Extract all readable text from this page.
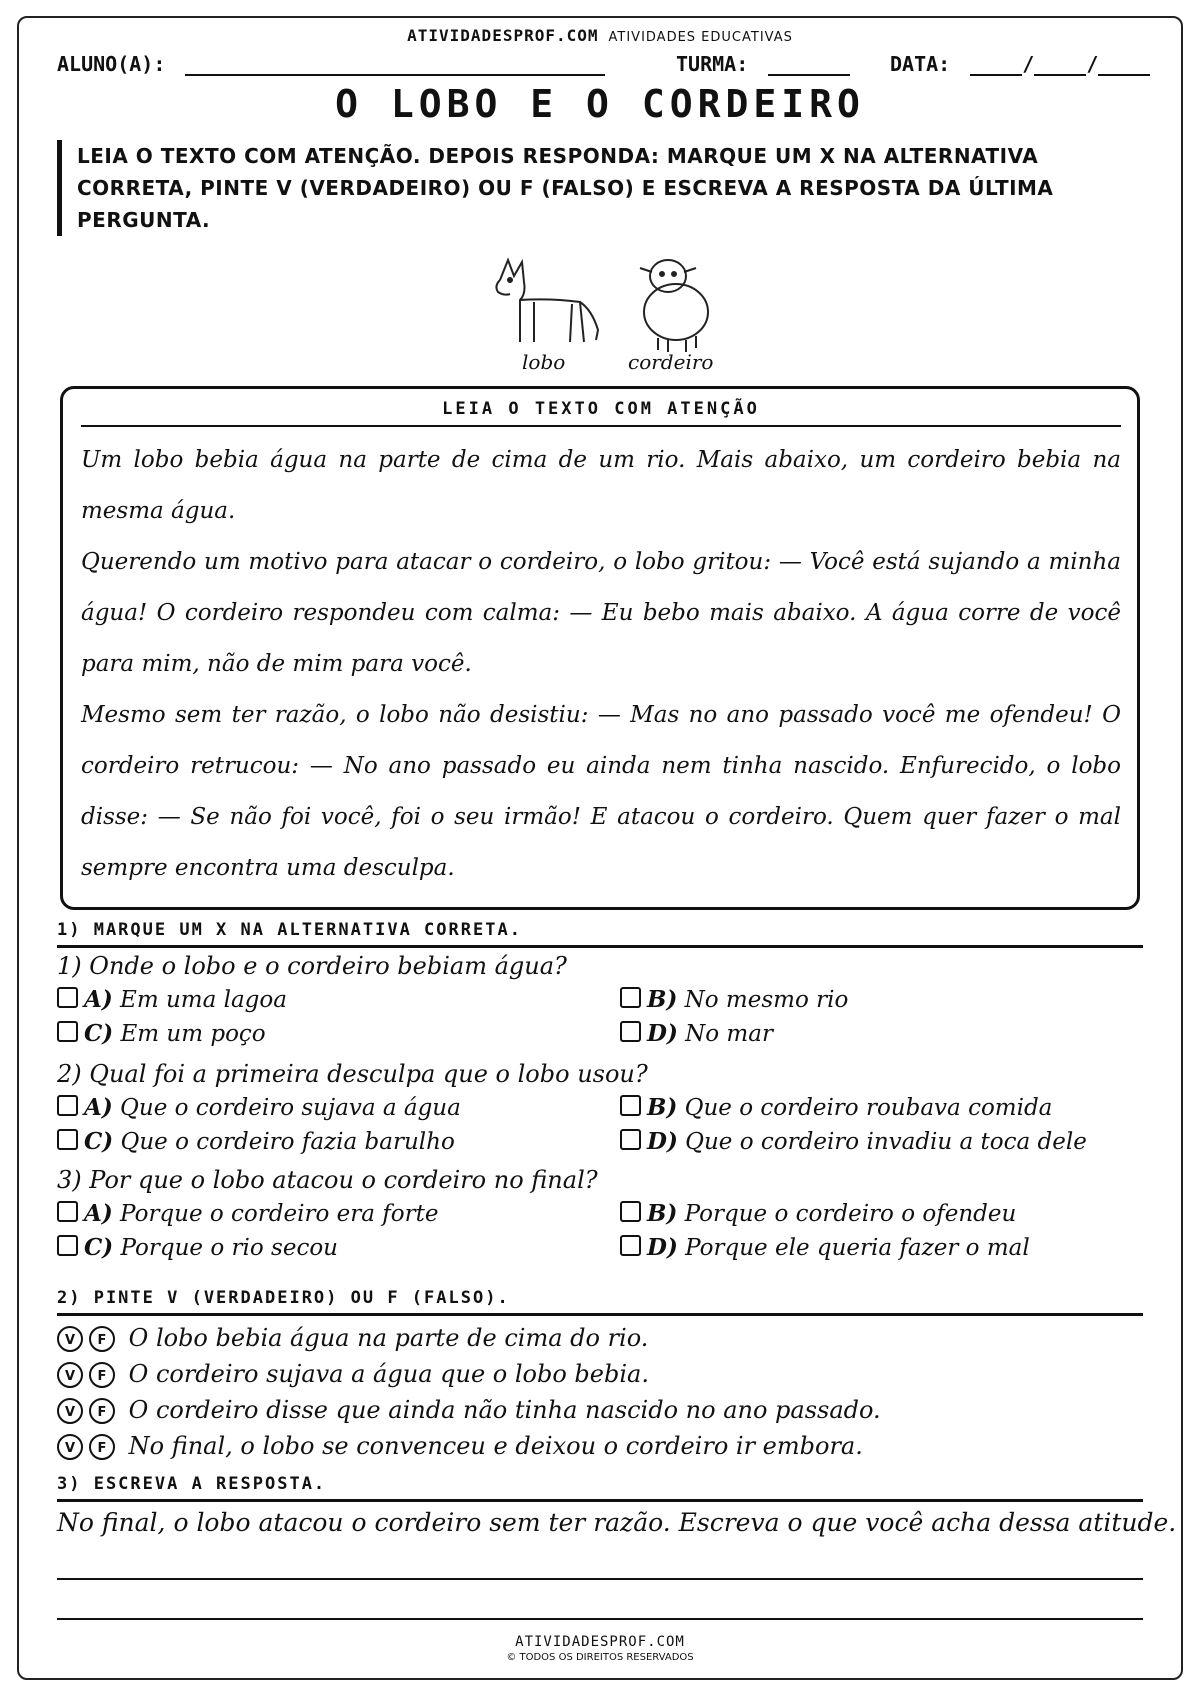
ATIVIDADESPROF.COM ATIVIDADES EDUCATIVAS
ALUNO(A):	TURMA:	DATA:	/	/
O LOBO E O CORDEIRO
LEIA O TEXTO COM ATENÇÃO. DEPOIS RESPONDA: MARQUE UM X NA ALTERNATIVA CORRETA, PINTE V (VERDADEIRO) OU F (FALSO) E ESCREVA A RESPOSTA DA ÚLTIMA PERGUNTA.
lobo	cordeiro
LEIA O TEXTO COM ATENÇÃO

Um lobo bebia água na parte de cima de um rio. Mais abaixo, um cordeiro bebia na mesma água.

Querendo um motivo para atacar o cordeiro, o lobo gritou: — Você está sujando a minha água! O cordeiro respondeu com calma: — Eu bebo mais abaixo. A água corre de você para mim, não de mim para você.

Mesmo sem ter razão, o lobo não desistiu: — Mas no ano passado você me ofendeu! O cordeiro retrucou: — No ano passado eu ainda nem tinha nascido. Enfurecido, o lobo disse: — Se não foi você, foi o seu irmão! E atacou o cordeiro. Quem quer fazer o mal sempre encontra uma desculpa.

1) MARQUE UM X NA ALTERNATIVA CORRETA.
1) Onde o lobo e o cordeiro bebiam água?
A) Em uma lagoa	B) No mesmo rio
C) Em um poço	D) No mar
2) Qual foi a primeira desculpa que o lobo usou?
A) Que o cordeiro sujava a água	B) Que o cordeiro roubava comida
C) Que o cordeiro fazia barulho	D) Que o cordeiro invadiu a toca dele
3) Por que o lobo atacou o cordeiro no final?
A) Porque o cordeiro era forte	B) Porque o cordeiro o ofendeu
C) Porque o rio secou	D) Porque ele queria fazer o mal
2) PINTE V (VERDADEIRO) OU F (FALSO).
V F O lobo bebia água na parte de cima do rio.
V F O cordeiro sujava a água que o lobo bebia.
V F O cordeiro disse que ainda não tinha nascido no ano passado.
V F No final, o lobo se convenceu e deixou o cordeiro ir embora.
3) ESCREVA A RESPOSTA.
No final, o lobo atacou o cordeiro sem ter razão. Escreva o que você acha dessa atitude.
ATIVIDADESPROF.COM
© TODOS OS DIREITOS RESERVADOS
